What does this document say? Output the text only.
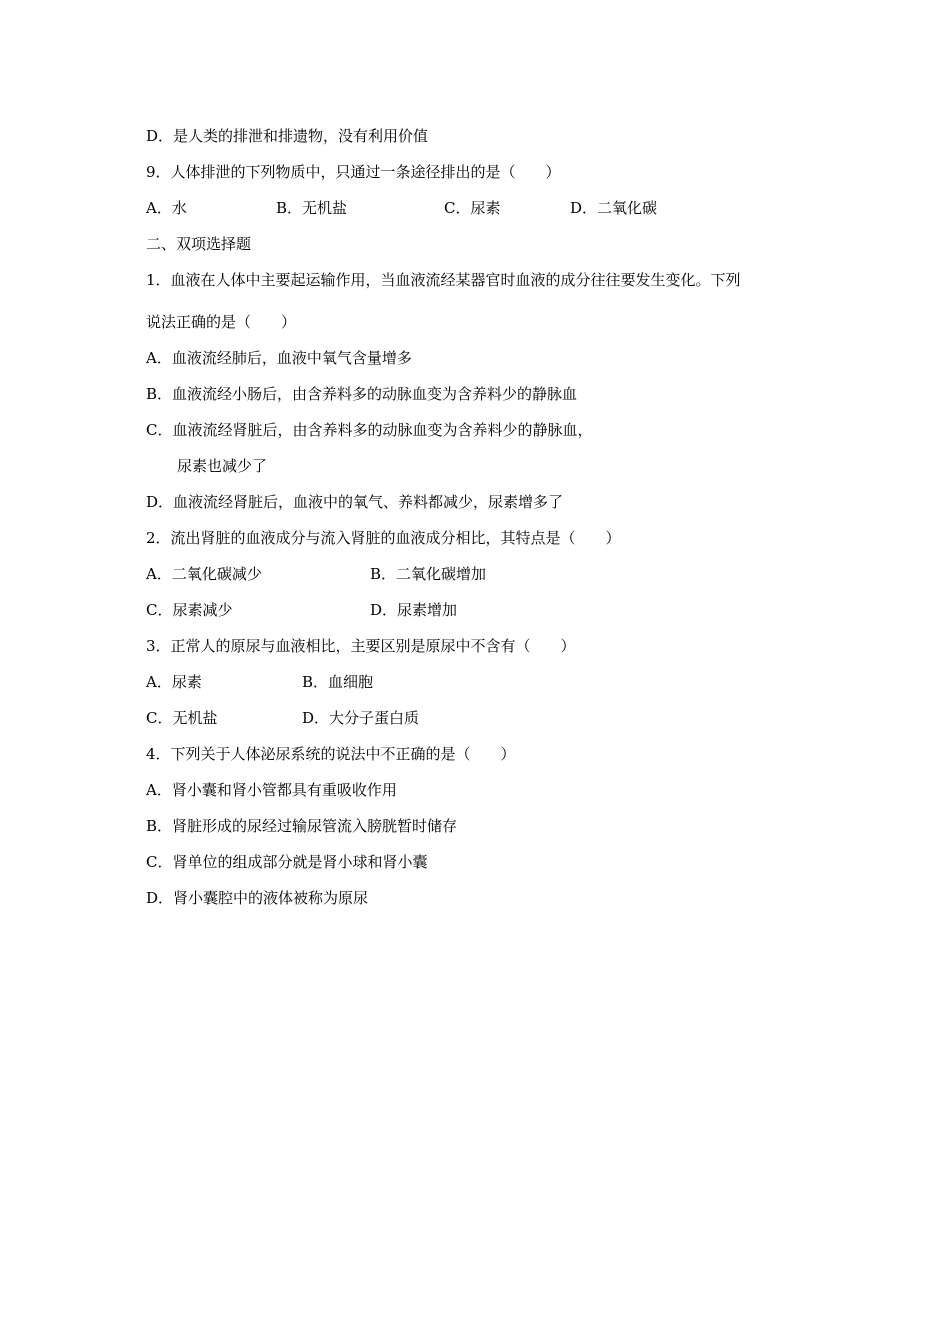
D．是人类的排泄和排遗物，没有利用价值
9．人体排泄的下列物质中，只通过一条途径排出的是（　　）
A．水	B．无机盐	C．尿素	D．二氧化碳
二、双项选择题
1．血液在人体中主要起运输作用，当血液流经某器官时血液的成分往往要发生变化。下列
说法正确的是（　　）
A．血液流经肺后，血液中氧气含量增多
B．血液流经小肠后，由含养料多的动脉血变为含养料少的静脉血
C．血液流经肾脏后，由含养料多的动脉血变为含养料少的静脉血，
尿素也减少了
D．血液流经肾脏后，血液中的氧气、养料都减少，尿素增多了
2．流出肾脏的血液成分与流入肾脏的血液成分相比，其特点是（　　）
A．二氧化碳减少	B．二氧化碳增加
C．尿素减少	D．尿素增加
3．正常人的原尿与血液相比，主要区别是原尿中不含有（　　）
A．尿素	B．血细胞
C．无机盐	D．大分子蛋白质
4．下列关于人体泌尿系统的说法中不正确的是（　　）
A．肾小囊和肾小管都具有重吸收作用
B．肾脏形成的尿经过输尿管流入膀胱暂时储存
C．肾单位的组成部分就是肾小球和肾小囊
D．肾小囊腔中的液体被称为原尿
